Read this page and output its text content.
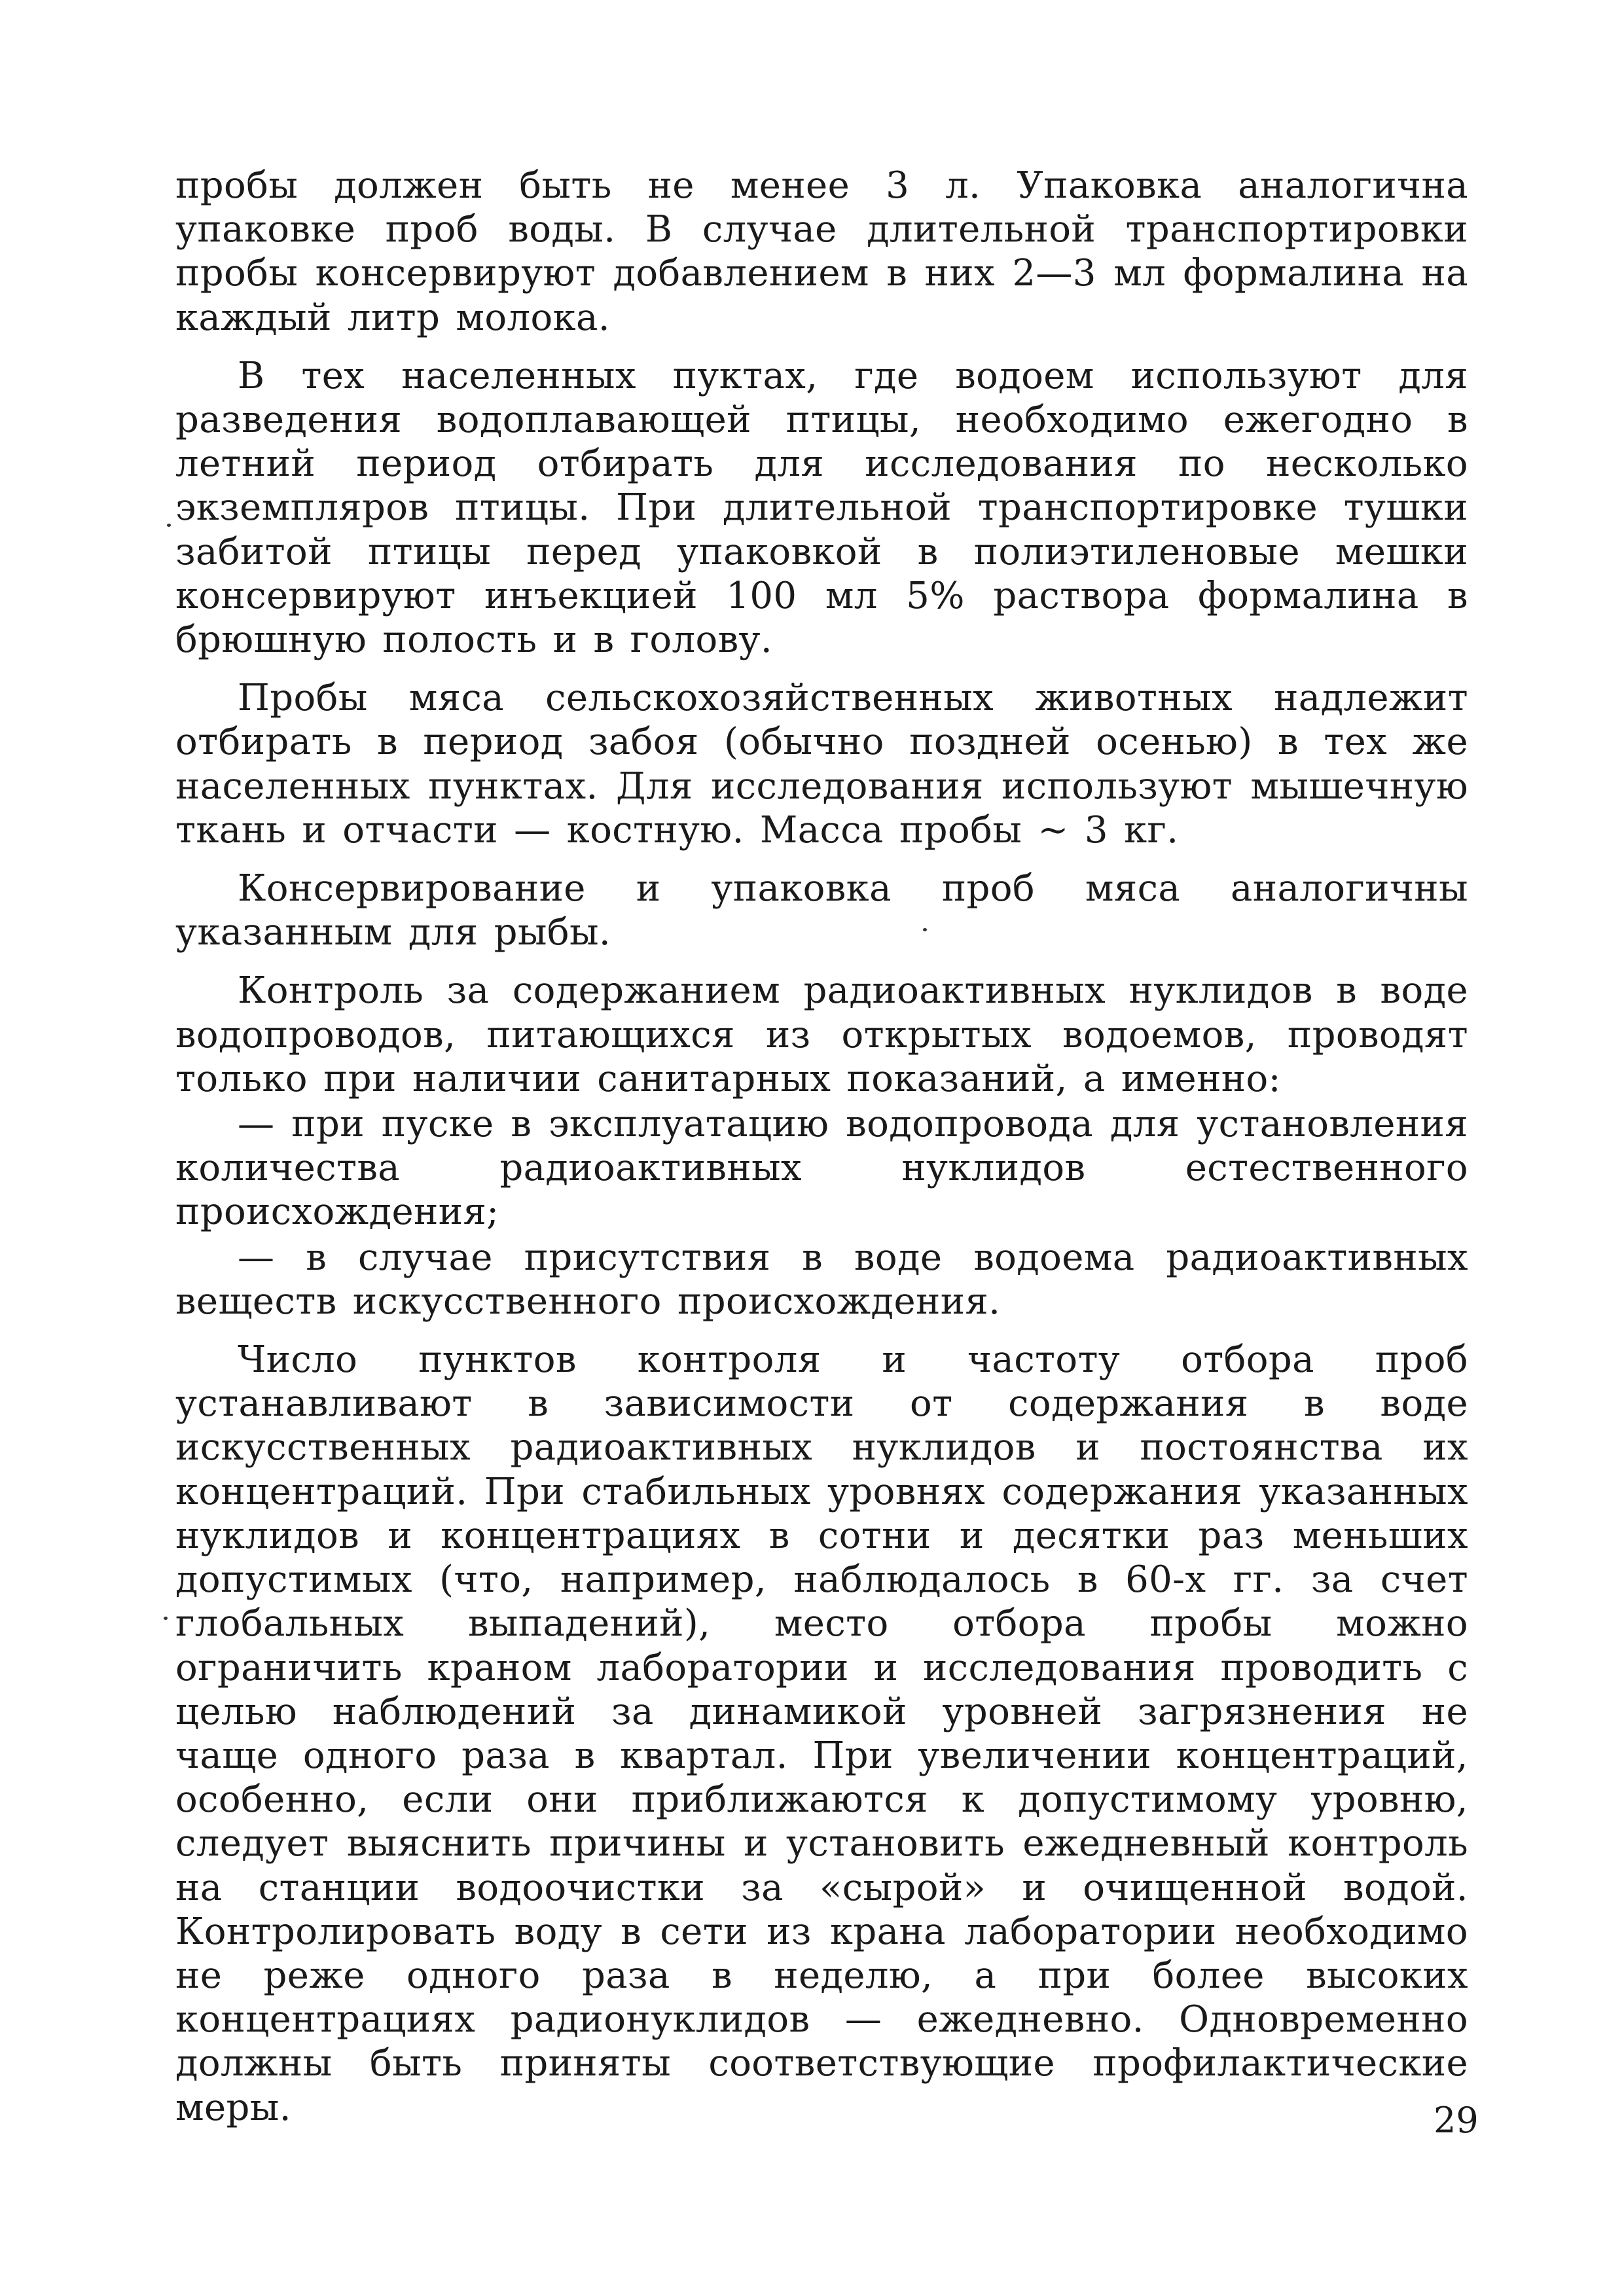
пробы должен быть не менее 3 л. Упаковка аналогична упаковке проб воды. В случае длительной транспортировки пробы консервируют добавлением в них 2—3 мл формалина на каждый литр молока.

В тех населенных пуктах, где водоем используют для разведения водоплавающей птицы, необходимо ежегодно в летний период отбирать для исследования по несколько экземпляров птицы. При длительной транспортировке тушки забитой птицы перед упаковкой в полиэтиленовые мешки консервируют инъекцией 100 мл 5% раствора формалина в брюшную полость и в голову.

Пробы мяса сельскохозяйственных животных надлежит отбирать в период забоя (обычно поздней осенью) в тех же населенных пунктах. Для исследования используют мышечную ткань и отчасти — костную. Масса пробы ~ 3 кг.

Консервирование и упаковка проб мяса аналогичны указанным для рыбы.

Контроль за содержанием радиоактивных нуклидов в воде водопроводов, питающихся из открытых водоемов, проводят только при наличии санитарных показаний, а именно:

— при пуске в эксплуатацию водопровода для установления количества радиоактивных нуклидов естественного происхождения;

— в случае присутствия в воде водоема радиоактивных веществ искусственного происхождения.

Число пунктов контроля и частоту отбора проб устанавливают в зависимости от содержания в воде искусственных радиоактивных нуклидов и постоянства их концентраций. При стабильных уровнях содержания указанных нуклидов и концентрациях в сотни и десятки раз меньших допустимых (что, например, наблюдалось в 60-х гг. за счет глобальных выпадений), место отбора пробы можно ограничить краном лаборатории и исследования проводить с целью наблюдений за динамикой уровней загрязнения не чаще одного раза в квартал. При увеличении концентраций, особенно, если они приближаются к допустимому уровню, следует выяснить причины и установить ежедневный контроль на станции водоочистки за «сырой» и очищенной водой. Контролировать воду в сети из крана лаборатории необходимо не реже одного раза в неделю, а при более высоких концентрациях радионуклидов — ежедневно. Одновременно должны быть приняты соответствующие профилактические меры.	29
